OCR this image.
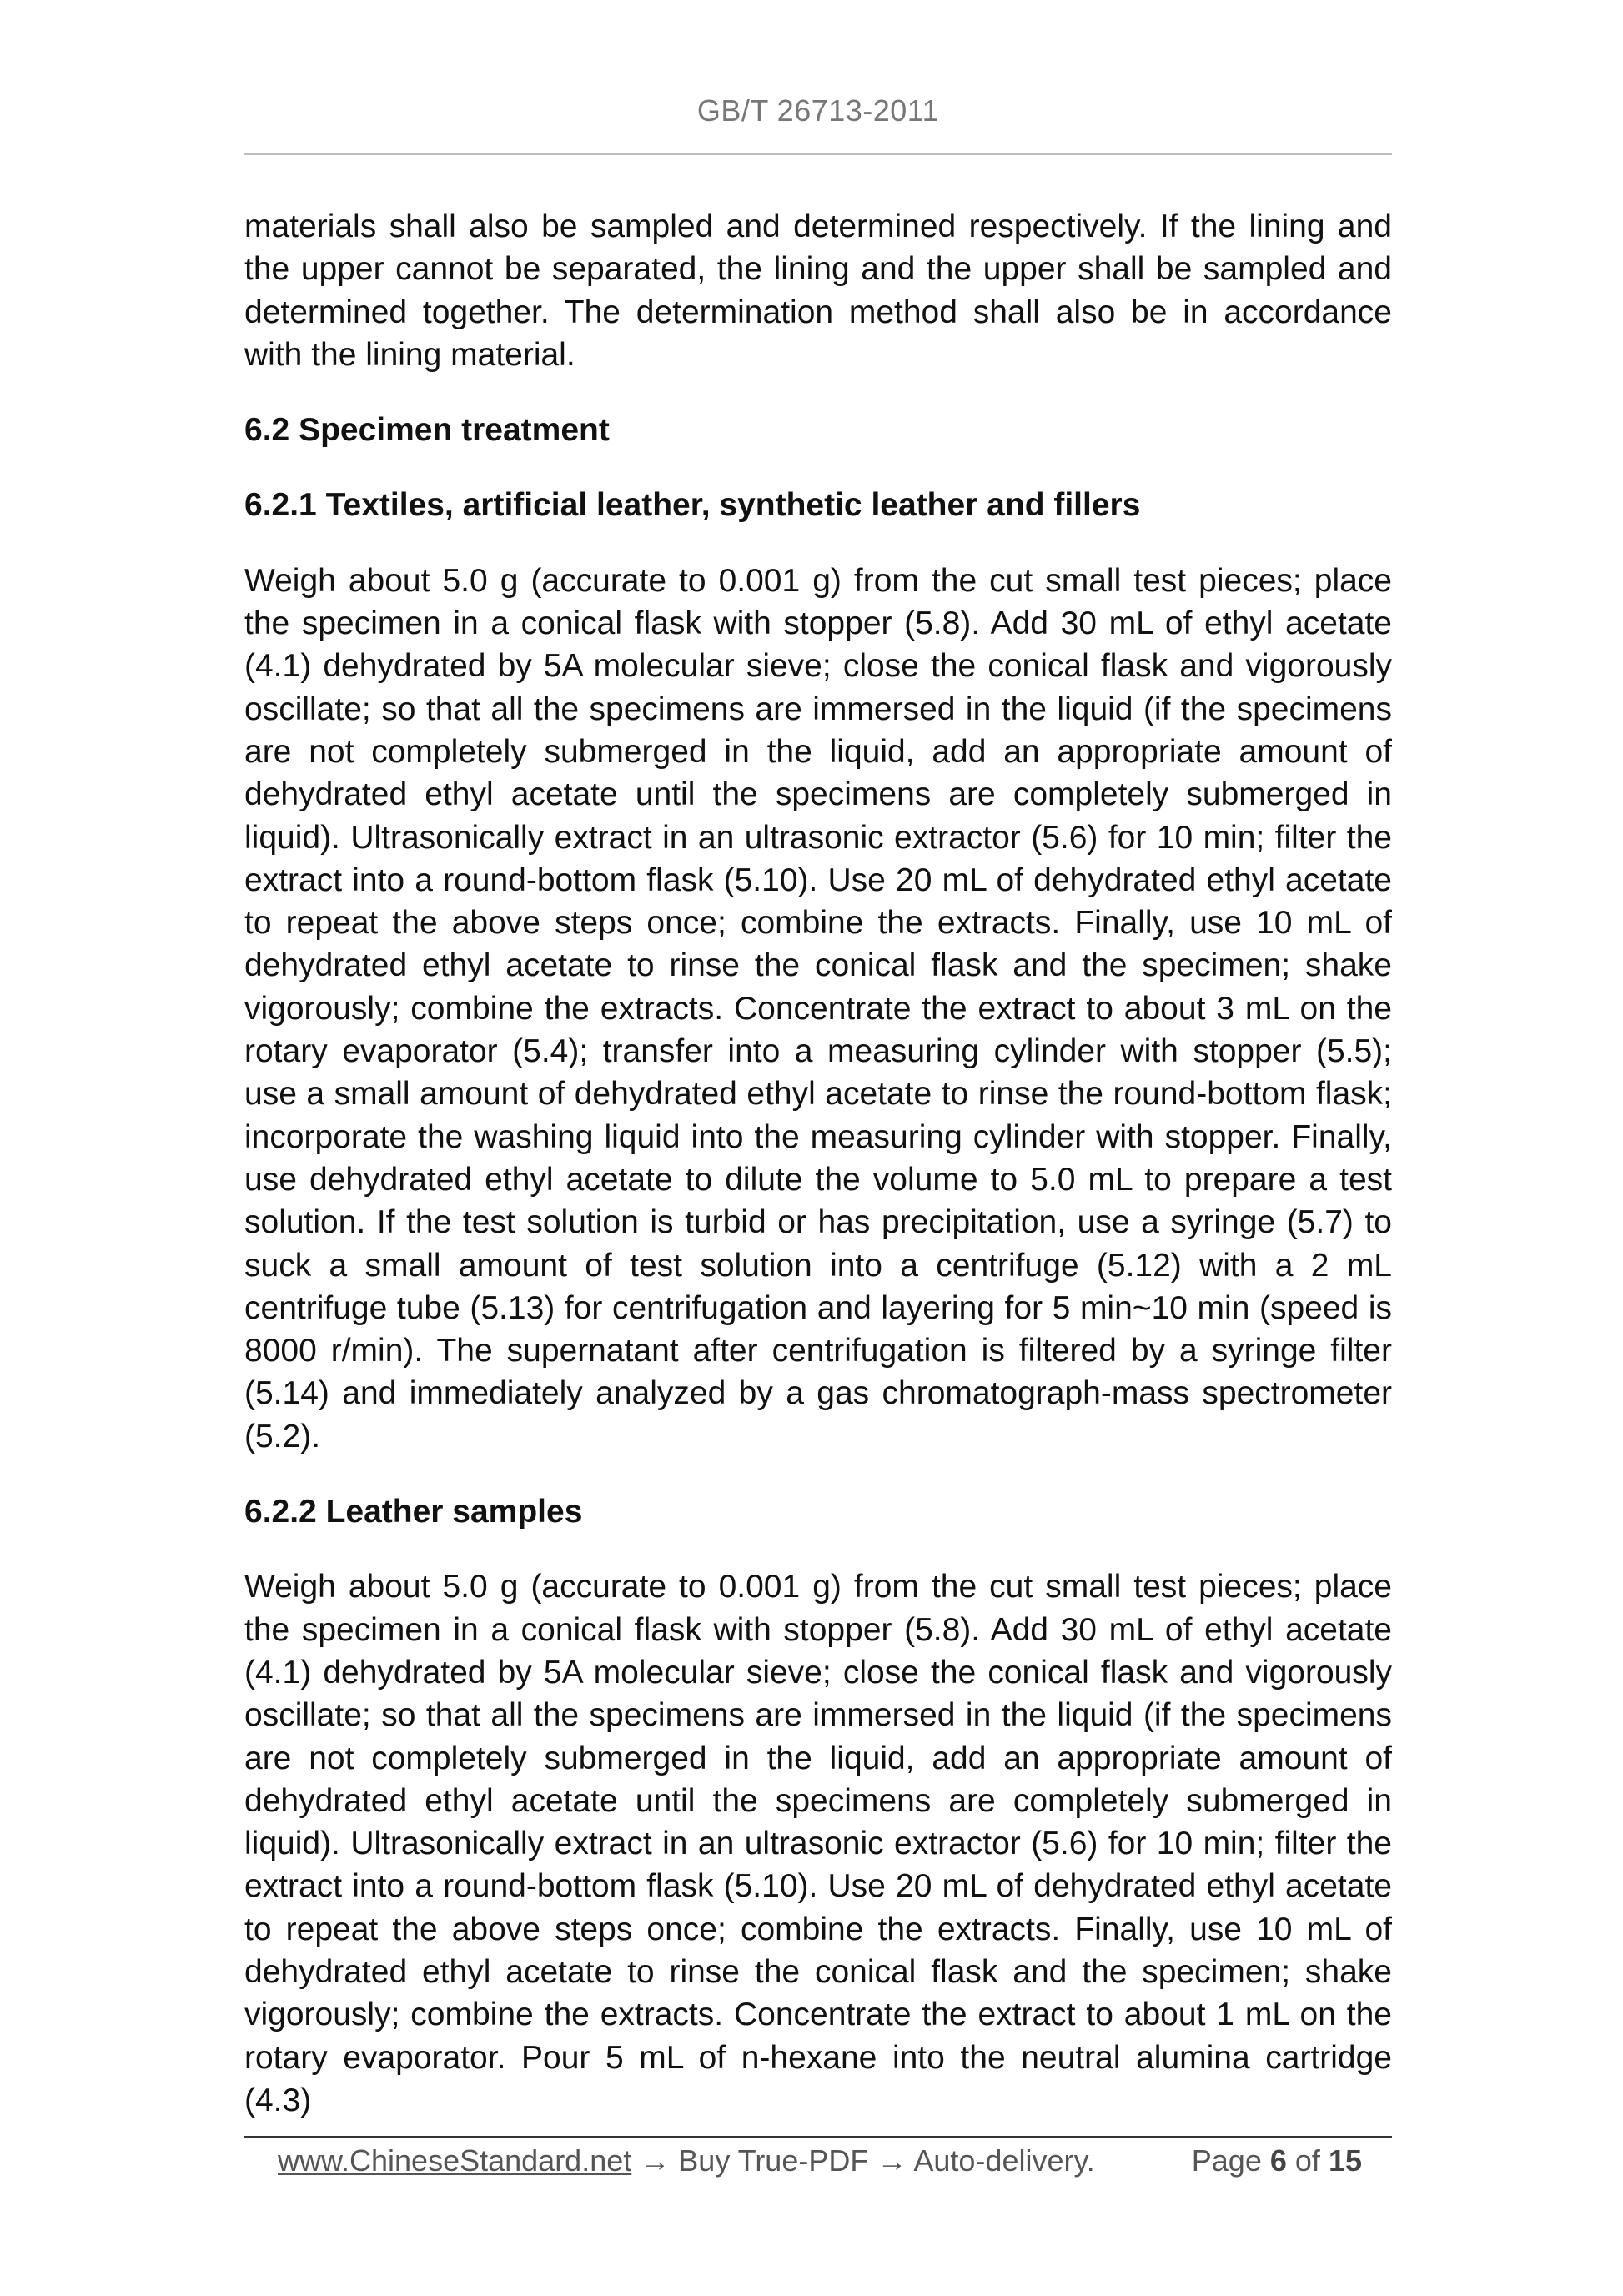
GB/T 26713-2011

materials shall also be sampled and determined respectively. If the lining and the upper cannot be separated, the lining and the upper shall be sampled and determined together. The determination method shall also be in accordance with the lining material.

6.2 Specimen treatment

6.2.1 Textiles, artificial leather, synthetic leather and fillers

Weigh about 5.0 g (accurate to 0.001 g) from the cut small test pieces; place the specimen in a conical flask with stopper (5.8). Add 30 mL of ethyl acetate (4.1) dehydrated by 5A molecular sieve; close the conical flask and vigorously oscillate; so that all the specimens are immersed in the liquid (if the specimens are not completely submerged in the liquid, add an appropriate amount of dehydrated ethyl acetate until the specimens are completely submerged in liquid). Ultrasonically extract in an ultrasonic extractor (5.6) for 10 min; filter the extract into a round-bottom flask (5.10). Use 20 mL of dehydrated ethyl acetate to repeat the above steps once; combine the extracts. Finally, use 10 mL of dehydrated ethyl acetate to rinse the conical flask and the specimen; shake vigorously; combine the extracts. Concentrate the extract to about 3 mL on the rotary evaporator (5.4); transfer into a measuring cylinder with stopper (5.5); use a small amount of dehydrated ethyl acetate to rinse the round-bottom flask; incorporate the washing liquid into the measuring cylinder with stopper. Finally, use dehydrated ethyl acetate to dilute the volume to 5.0 mL to prepare a test solution. If the test solution is turbid or has precipitation, use a syringe (5.7) to suck a small amount of test solution into a centrifuge (5.12) with a 2 mL centrifuge tube (5.13) for centrifugation and layering for 5 min~10 min (speed is 8000 r/min). The supernatant after centrifugation is filtered by a syringe filter (5.14) and immediately analyzed by a gas chromatograph-mass spectrometer (5.2).

6.2.2 Leather samples

Weigh about 5.0 g (accurate to 0.001 g) from the cut small test pieces; place the specimen in a conical flask with stopper (5.8). Add 30 mL of ethyl acetate (4.1) dehydrated by 5A molecular sieve; close the conical flask and vigorously oscillate; so that all the specimens are immersed in the liquid (if the specimens are not completely submerged in the liquid, add an appropriate amount of dehydrated ethyl acetate until the specimens are completely submerged in liquid). Ultrasonically extract in an ultrasonic extractor (5.6) for 10 min; filter the extract into a round-bottom flask (5.10). Use 20 mL of dehydrated ethyl acetate to repeat the above steps once; combine the extracts. Finally, use 10 mL of dehydrated ethyl acetate to rinse the conical flask and the specimen; shake vigorously; combine the extracts. Concentrate the extract to about 1 mL on the rotary evaporator. Pour 5 mL of n-hexane into the neutral alumina cartridge (4.3)

www.ChineseStandard.net → Buy True-PDF → Auto-delivery.	Page 6 of 15
